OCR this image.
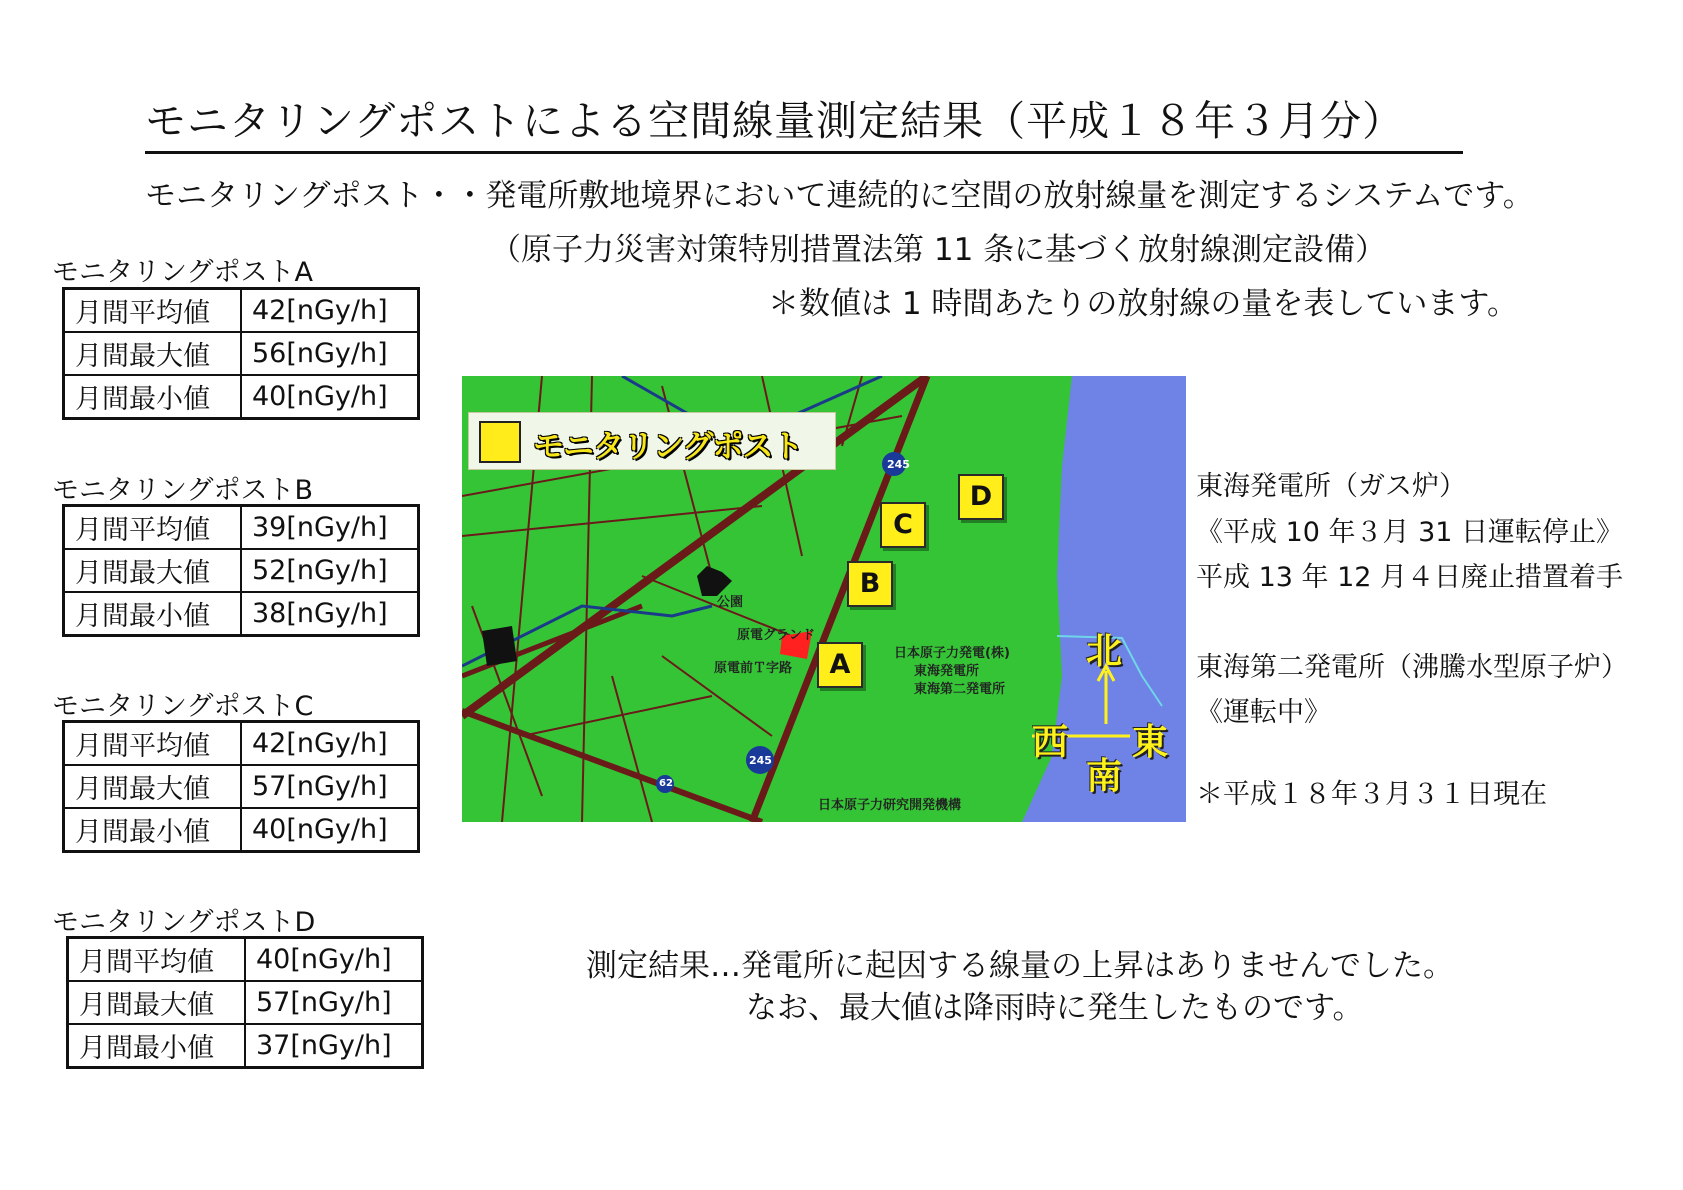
モニタリングポストによる空間線量測定結果（平成１８年３月分）
モニタリングポスト・・発電所敷地境界において連続的に空間の放射線量を測定するシステムです。
（原子力災害対策特別措置法第 11 条に基づく放射線測定設備）
＊数値は 1 時間あたりの放射線の量を表しています。
モニタリングポストA
月間平均値	42[nGy/h]
月間最大値	56[nGy/h]
月間最小値	40[nGy/h]
モニタリングポストB
月間平均値	39[nGy/h]
月間最大値	52[nGy/h]
月間最小値	38[nGy/h]
モニタリングポストC
月間平均値	42[nGy/h]
月間最大値	57[nGy/h]
月間最小値	40[nGy/h]
モニタリングポストD
月間平均値	40[nGy/h]
月間最大値	57[nGy/h]
月間最小値	37[nGy/h]
モニタリングポスト
A
B
C
D
245
245
62
公園
原電グランド
原電前Ｔ字路
日本原子力発電(株)
東海発電所
東海第二発電所
日本原子力研究開発機構
北
南
東
西
東海発電所（ガス炉）
《平成 10 年３月 31 日運転停止》
平成 13 年 12 月４日廃止措置着手
東海第二発電所（沸騰水型原子炉）
《運転中》
＊平成１８年３月３１日現在
測定結果…発電所に起因する線量の上昇はありませんでした。
なお、最大値は降雨時に発生したものです。
